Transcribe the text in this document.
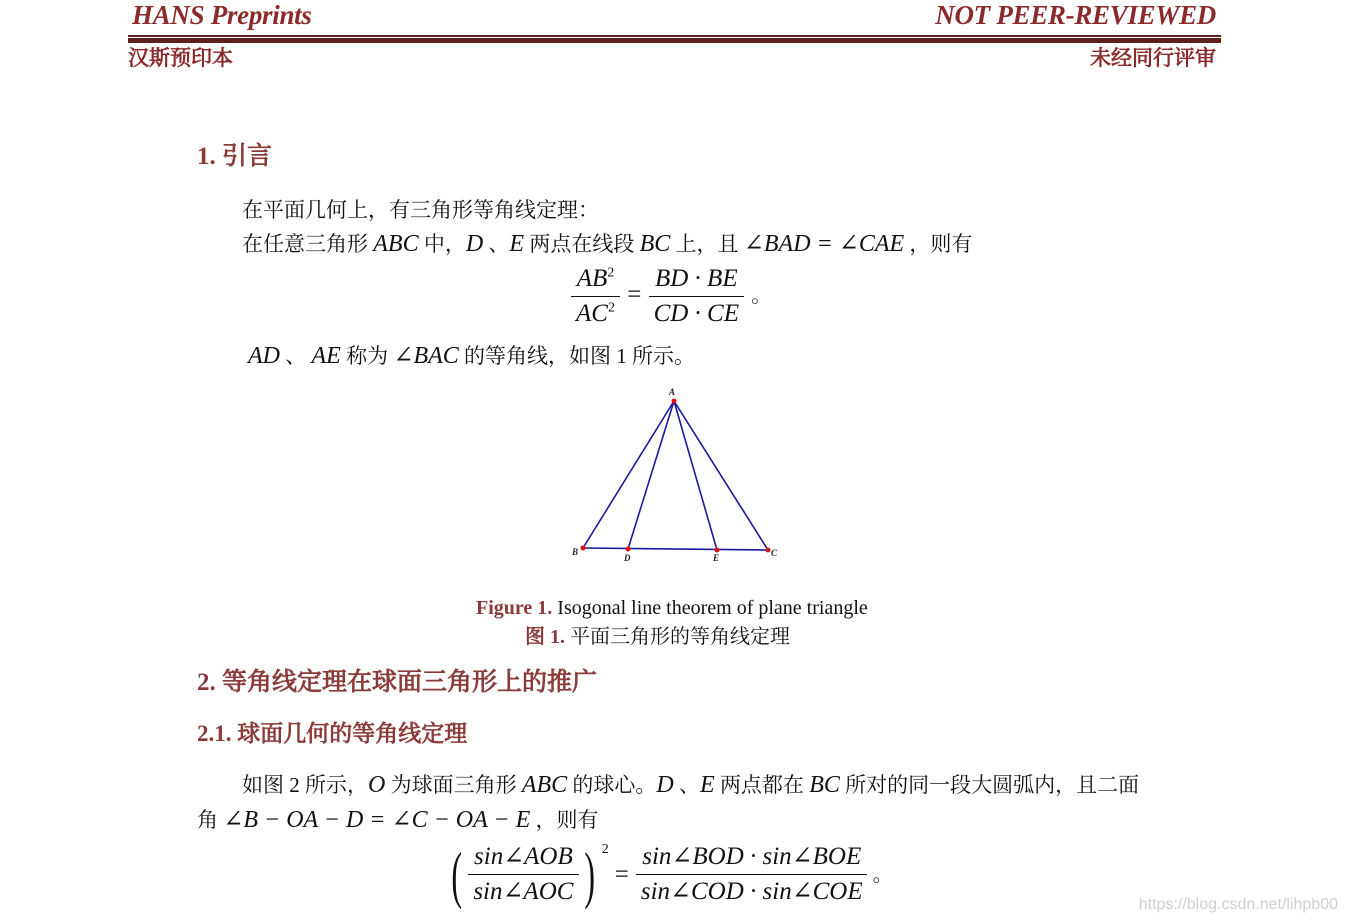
HANS Preprints	NOT PEER-REVIEWED
汉斯预印本	未经同行评审
1. 引言
在平面几何上，有三角形等角线定理：
在任意三角形 ABC 中，D 、E 两点在线段 BC 上，且 ∠BAD = ∠CAE ，则有
$\frac{AB^2}{AC^2} = \frac{BD \cdot BE}{CD \cdot CE}$ 。
AD 、 AE 称为 ∠BAC 的等角线，如图 1 所示。
A
B	C
D	E
Figure 1. Isogonal line theorem of plane triangle
图 1. 平面三角形的等角线定理
2. 等角线定理在球面三角形上的推广
2.1. 球面几何的等角线定理
如图 2 所示，O 为球面三角形 ABC 的球心。D 、E 两点都在 BC 所对的同一段大圆弧内，且二面
角 ∠B − OA − D = ∠C − OA − E ，则有
( $\frac{\text{sin∠AOB}}{\text{sin∠AOC}}$ ) 2
= $\frac{\text{sin∠BOD · sin∠BOE}}{\text{sin∠COD · sin∠COE}}$ 。
https://blog.csdn.net/lihpb00
